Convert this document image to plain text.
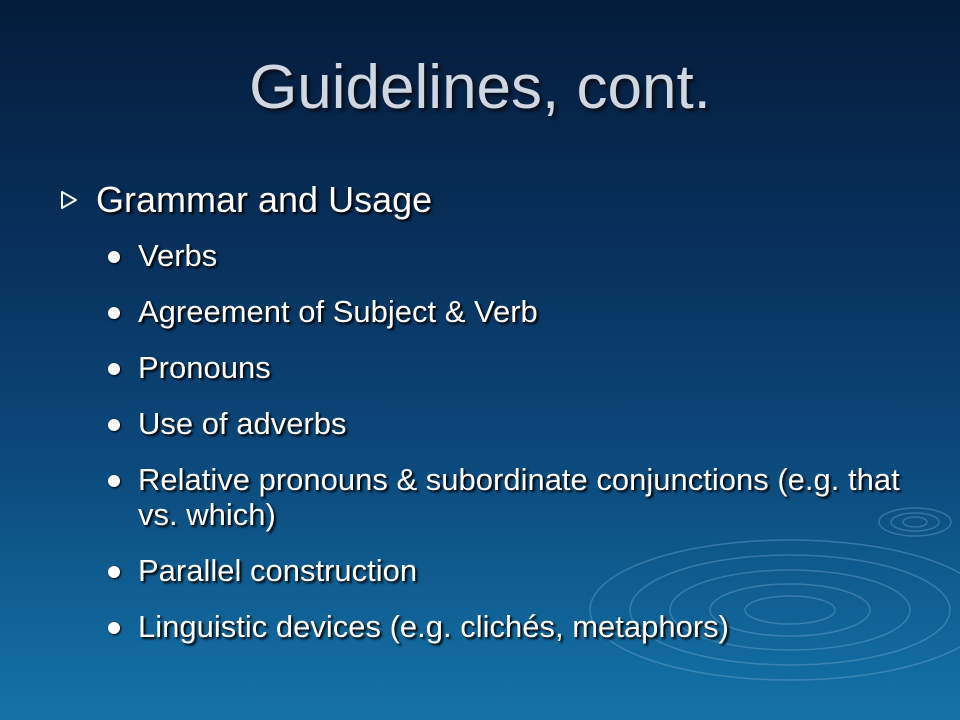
Guidelines, cont.
Grammar and Usage
Verbs
Agreement of Subject & Verb
Pronouns
Use of adverbs
Relative pronouns & subordinate conjunctions (e.g. that vs. which)
Parallel construction
Linguistic devices (e.g. clichés, metaphors)
